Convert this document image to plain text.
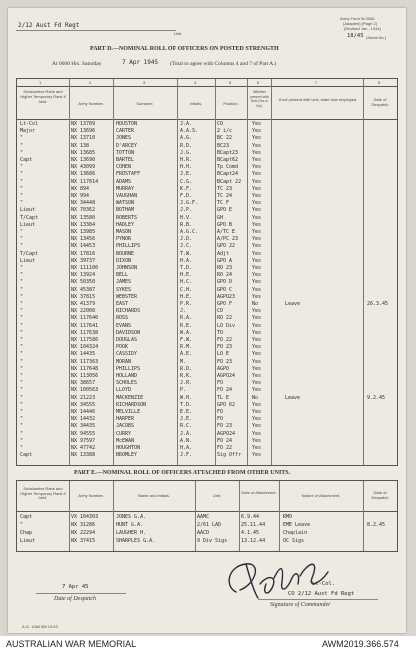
2/12 Aust Fd Regt
Unit
Army Form W.3008
(Adapted) (Page 2)
(Revised Jan., 1944)
18/45 (Serial No.)
PART D.—NOMINAL ROLL OF OFFICERS ON POSTED STRENGTH
At 0600 Hrs. Saturday	7 Apr 1945 (Total to agree with Columns 4 and 7 of Part A.)
1	2	3	4	5	6	7	8
Substantive Rank and Higher Temporary Rank if held.	Army Number.	Surname.	Initials.	Position.
Whether present with Unit (Yes or No).
If not present with Unit, state how employed.	Date of Despatch
Lt-Col	NX 13709	HOUSTON	J.A.	CO	Yes
Major	NX 13696	CARTER	A.A.S.	2 i/c	Yes
"	NX 13710	JONES	A.G.	BC 22	Yes
"	NX 138	D'ARCEY	R.D.	BC23	Yes
"	NX 13685	TOTTON	J.G.	BCapt23	Yes
Capt	NX 13690	BARTEL	H.R.	BCapt62	Yes
"	NX 43099	COHEN	H.H.	Tp Comd	Yes
"	NX 13686	FROSTAFF	J.E.	BCapt24	Yes
"	NX 117614	ADAMS	C.G.	BCapt 22 Yes
"	WX 894	MURRAY	K.F.	TC 23	Yes
"	NX 994	VAUGHAN	F.D.	TC 24	Yes
"	NX 34448	WATSON	J.G.F.	TC F	Yes
Lieut	NX 70362	BOTHAM	J.P.	GPO E	Yes
T/Capt	NX 13580	ROBERTS	H.V.	GH	Yes
Lieut	NX 13384	HADLEY	R.B.	GPO B	Yes
"	NX 13985	MASON	A.G.C.	A/TC E	Yes
"	NX 13456	PYNOR	J.D.	A/PC 23	Yes
"	NX 14453	PHILLIPS	J.C.	GPO 22	Yes
T/Capt	NX 17816	BOURNE	T.W.	Adjt	Yes
Lieut	NX 39737	DIXON	H.A.	GPO A	Yes
"	NX 111100	JOHNSON	T.D.	RO 23	Yes
"	NX 13924	BELL	H.E.	RO 24	Yes
"	NX 50350	JAMES	H.C.	GPO D	Yes
"	NX 45387	SYKES	C.H.	GPO C	Yes
"	NX 37815	WEBSTER	H.E.	AGPO23	Yes
"	NX 41379	EAST	P.R.	GPO F	No	Leave	26.3.45
"	NX 22008	RICHARDS	J.	CO	Yes
"	NX 117640	ROSS	R.A.	RO 22	Yes
"	NX 117641	EVANS	R.E.	LO Div	Yes
"	NX 117638	DAVIDSON	W.A.	TO	Yes
"	NX 117586	DOUGLAS	F.W.	FO 22	Yes
"	NX 104324	POOK	R.M.	FO 23	Yes
"	NX 14435	CASSIDY	A.E.	LO E	Yes
"	NX 117363	MORAN	M.	FO 23	Yes
"	NX 117648	PHILLIPS	R.D.	AGPO	Yes
"	NX 113056	HOLLAND	R.K.	AGPO24	Yes
"	NX 38657	SCHOLES	J.R.	FO	Yes
"	NX 100563	LLOYD	P.	FO 24	Yes
"	NX 21223	MACKENZIE	W.H.	TL E	No	Leave	9.2.45
"	NX 34555	RICHARDSON	T.D.	GPO 62	Yes
"	NX 14446	MELVILLE	E.E.	FO	Yes
"	NX 14432	HARPER	J.E.	FO	Yes
"	NX 34435	JACOBS	R.C.	FO 23	Yes
"	NX 94555	CURRY	J.A.	AGPO24	Yes
"	NX 97597	McEWAN	A.N.	FO 24	Yes
"	NX 47742	HOUGHTON	H.A.	FO 22	Yes
Capt	NX 13388	BROMLEY	J.F.	Sig Offr Yes
PART E.—NOMINAL ROLL OF OFFICERS ATTACHED FROM OTHER UNITS.
Substantive Rank and Higher Temporary Rank if held.	Army Number.	Name and Initials.	Unit.
Date of Attachment.
Nature of Attachment.
Date of Despatch
Capt	VX 104303	JONES G.A.	AAMC	6.9.44	RMO
"	NX 31286	HUNT G.A.	2/61 LAD	25.11.44	EME Leave	8.2.45
Chap	NX 22294	LAUGHER H.	AACD	4.1.45	Chaplain
Lieut	NX 37415	SHARPLES G.A.	9 Div Sigs	13.12.44	OC Sigs
7 Apr 45
Date of Despatch
Lt-Col.
CO 2/12 Aust Fd Regt
Signature of Commander
A.G. 1284 5M 12/43
AUSTRALIAN WAR MEMORIAL	AWM2019.366.574
